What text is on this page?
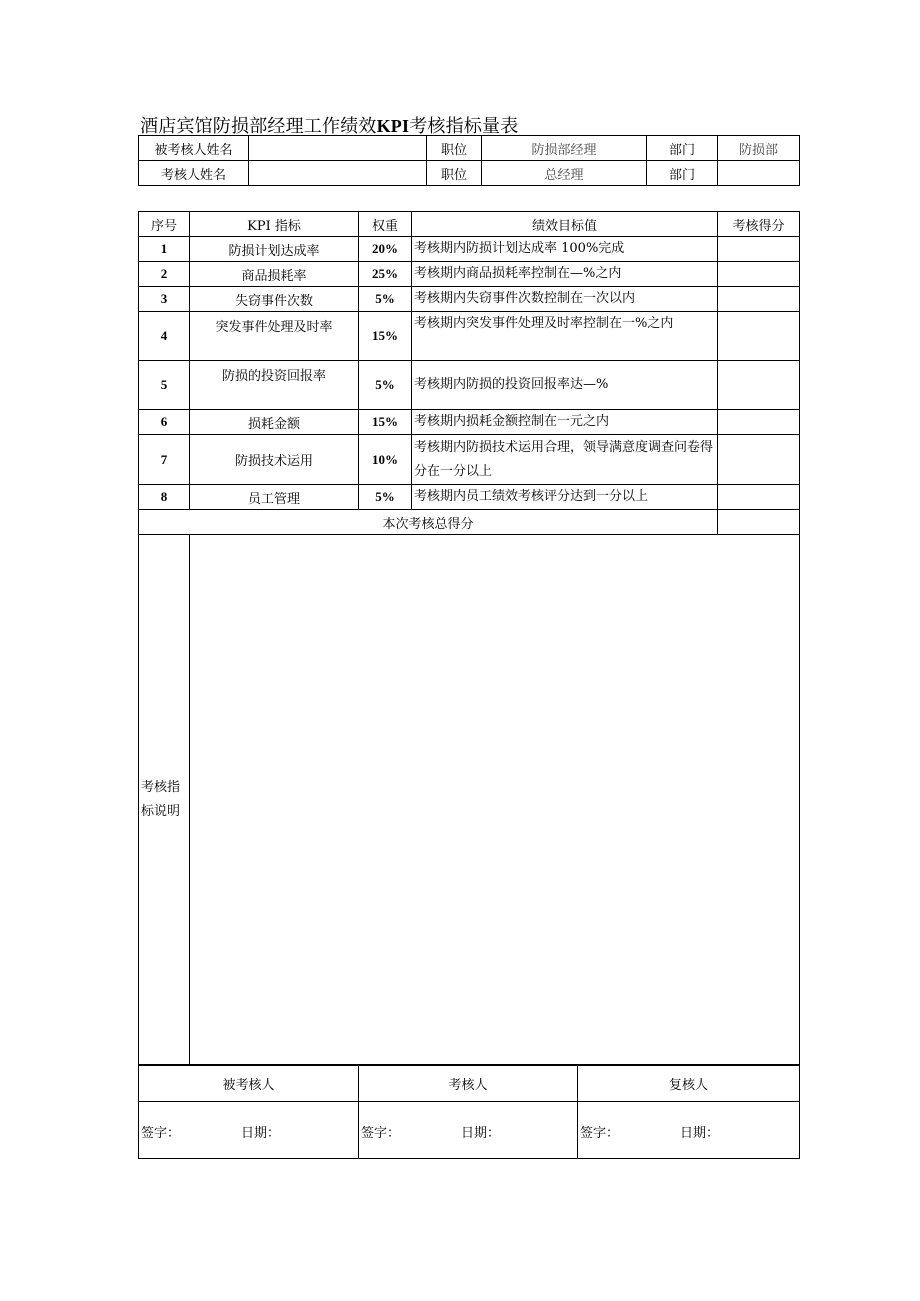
酒店宾馆防损部经理工作绩效KPI考核指标量表
被考核人姓名		职位	防损部经理	部门	防损部
考核人姓名		职位	总经理	部门	
序号	KPI 指标	权重	绩效目标值	考核得分
1	防损计划达成率	20%	考核期内防损计划达成率 100%完成	
2	商品损耗率	25%	考核期内商品损耗率控制在—%之内	
3	失窃事件次数	5%	考核期内失窃事件次数控制在一次以内	
4	突发事件处理及时率	15%	考核期内突发事件处理及时率控制在一%之内	
5	防损的投资回报率	5%	考核期内防损的投资回报率达—%	
6	损耗金额	15%	考核期内损耗金额控制在一元之内	
7	防损技术运用	10%	考核期内防损技术运用合理，领导满意度调查问卷得分在一分以上	
8	员工管理	5%	考核期内员工绩效考核评分达到一分以上	
本次考核总得分				
考核指标说明				
被考核人	考核人	复核人

签字： 日期：	签字： 日期：	签字： 日期：
